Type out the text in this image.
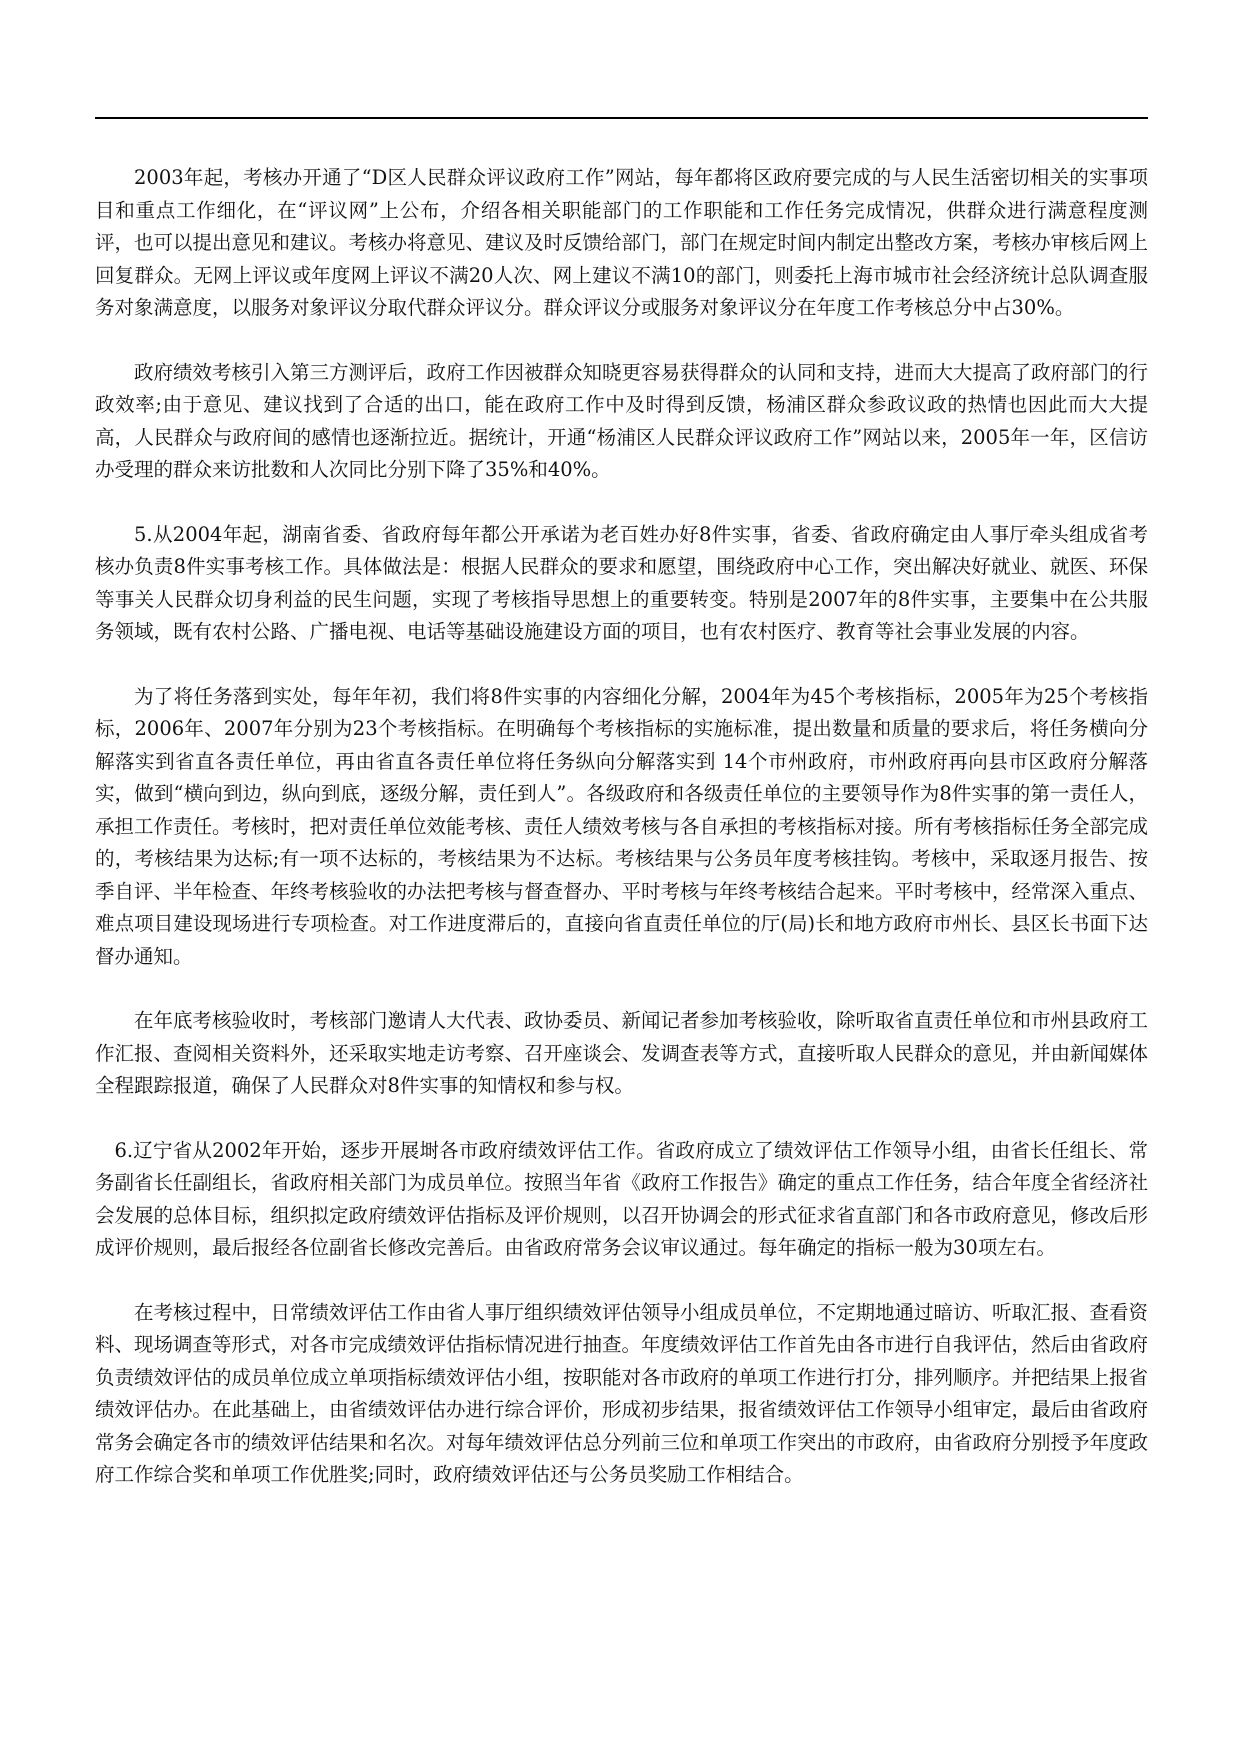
2003年起，考核办开通了“D区人民群众评议政府工作”网站，每年都将区政府要完成的与人民生活密切相关的实事项目和重点工作细化，在“评议网”上公布，介绍各相关职能部门的工作职能和工作任务完成情况，供群众进行满意程度测评，也可以提出意见和建议。考核办将意见、建议及时反馈给部门，部门在规定时间内制定出整改方案，考核办审核后网上回复群众。无网上评议或年度网上评议不满20人次、网上建议不满10的部门，则委托上海市城市社会经济统计总队调查服务对象满意度，以服务对象评议分取代群众评议分。群众评议分或服务对象评议分在年度工作考核总分中占30%。

政府绩效考核引入第三方测评后，政府工作因被群众知晓更容易获得群众的认同和支持，进而大大提高了政府部门的行政效率;由于意见、建议找到了合适的出口，能在政府工作中及时得到反馈，杨浦区群众参政议政的热情也因此而大大提高，人民群众与政府间的感情也逐渐拉近。据统计，开通“杨浦区人民群众评议政府工作”网站以来，2005年一年，区信访办受理的群众来访批数和人次同比分别下降了35%和40%。

5.从2004年起，湖南省委、省政府每年都公开承诺为老百姓办好8件实事，省委、省政府确定由人事厅牵头组成省考核办负责8件实事考核工作。具体做法是：根据人民群众的要求和愿望，围绕政府中心工作，突出解决好就业、就医、环保等事关人民群众切身利益的民生问题，实现了考核指导思想上的重要转变。特别是2007年的8件实事，主要集中在公共服务领域，既有农村公路、广播电视、电话等基础设施建设方面的项目，也有农村医疗、教育等社会事业发展的内容。

为了将任务落到实处，每年年初，我们将8件实事的内容细化分解，2004年为45个考核指标，2005年为25个考核指标，2006年、2007年分别为23个考核指标。在明确每个考核指标的实施标准，提出数量和质量的要求后，将任务横向分解落实到省直各责任单位，再由省直各责任单位将任务纵向分解落实到 14个市州政府，市州政府再向县市区政府分解落实，做到“横向到边，纵向到底，逐级分解，责任到人”。各级政府和各级责任单位的主要领导作为8件实事的第一责任人，承担工作责任。考核时，把对责任单位效能考核、责任人绩效考核与各自承担的考核指标对接。所有考核指标任务全部完成的，考核结果为达标;有一项不达标的，考核结果为不达标。考核结果与公务员年度考核挂钩。考核中，采取逐月报告、按季自评、半年检查、年终考核验收的办法把考核与督查督办、平时考核与年终考核结合起来。平时考核中，经常深入重点、难点项目建设现场进行专项检查。对工作进度滞后的，直接向省直责任单位的厅(局)长和地方政府市州长、县区长书面下达督办通知。

在年底考核验收时，考核部门邀请人大代表、政协委员、新闻记者参加考核验收，除听取省直责任单位和市州县政府工作汇报、查阅相关资料外，还采取实地走访考察、召开座谈会、发调查表等方式，直接听取人民群众的意见，并由新闻媒体全程跟踪报道，确保了人民群众对8件实事的知情权和参与权。

6.辽宁省从2002年开始，逐步开展埘各市政府绩效评估工作。省政府成立了绩效评估工作领导小组，由省长任组长、常务副省长任副组长，省政府相关部门为成员单位。按照当年省《政府工作报告》确定的重点工作任务，结合年度全省经济社会发展的总体目标，组织拟定政府绩效评估指标及评价规则，以召开协调会的形式征求省直部门和各市政府意见，修改后形成评价规则，最后报经各位副省长修改完善后。由省政府常务会议审议通过。每年确定的指标一般为30项左右。

在考核过程中，日常绩效评估工作由省人事厅组织绩效评估领导小组成员单位，不定期地通过暗访、听取汇报、查看资料、现场调查等形式，对各市完成绩效评估指标情况进行抽查。年度绩效评估工作首先由各市进行自我评估，然后由省政府负责绩效评估的成员单位成立单项指标绩效评估小组，按职能对各市政府的单项工作进行打分，排列顺序。并把结果上报省绩效评估办。在此基础上，由省绩效评估办进行综合评价，形成初步结果，报省绩效评估工作领导小组审定，最后由省政府常务会确定各市的绩效评估结果和名次。对每年绩效评估总分列前三位和单项工作突出的市政府，由省政府分别授予年度政府工作综合奖和单项工作优胜奖;同时，政府绩效评估还与公务员奖励工作相结合。
